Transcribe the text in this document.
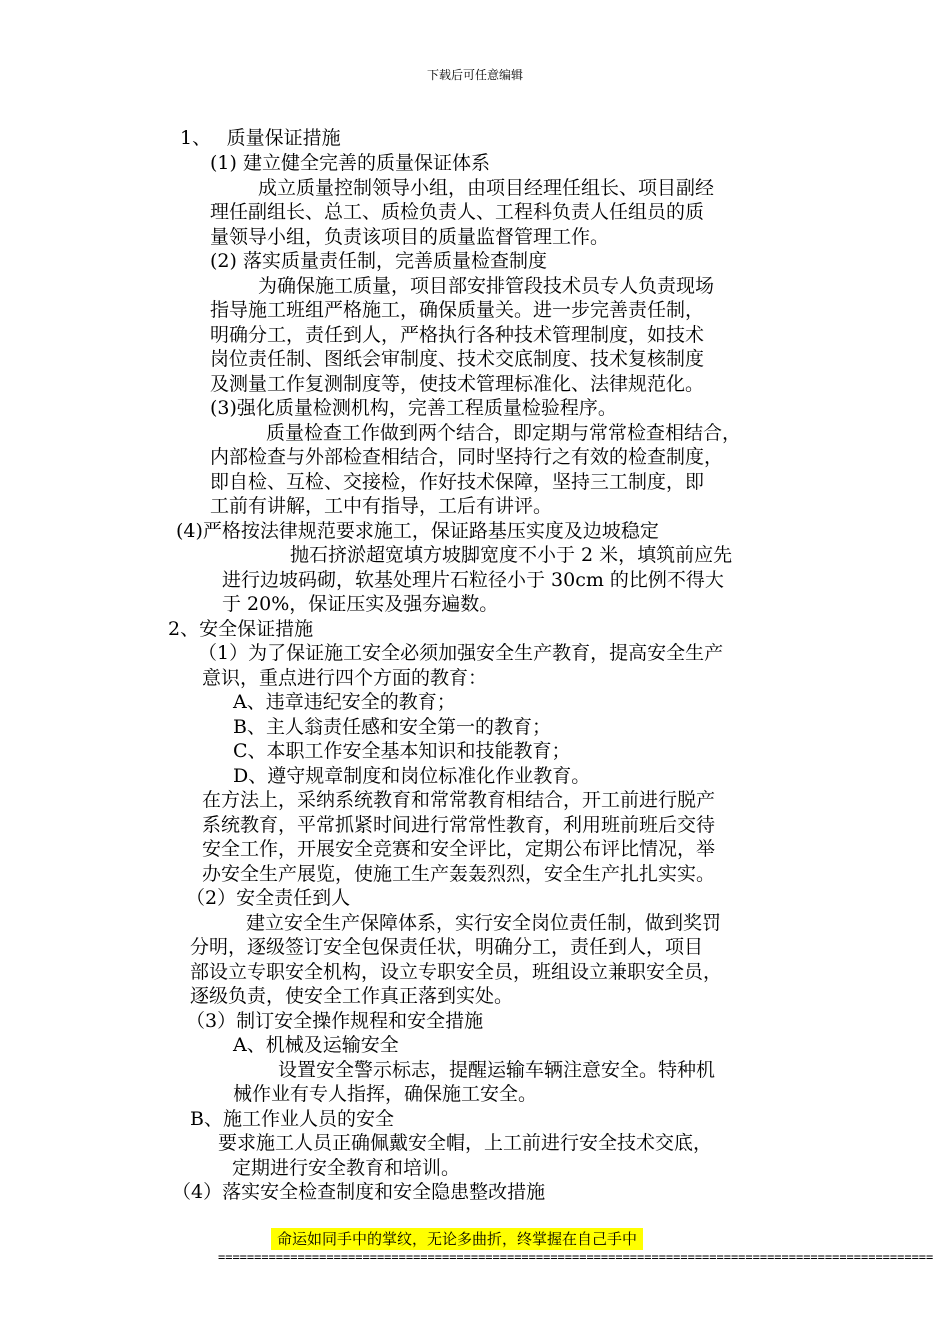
下载后可任意编辑
1、　 质量保证措施
(1) 建立健全完善的质量保证体系
成立质量控制领导小组，由项目经理任组长、项目副经
理任副组长、总工、质检负责人、工程科负责人任组员的质
量领导小组，负责该项目的质量监督管理工作。
(2) 落实质量责任制，完善质量检查制度
为确保施工质量，项目部安排管段技术员专人负责现场
指导施工班组严格施工，确保质量关。进一步完善责任制，
明确分工，责任到人，严格执行各种技术管理制度，如技术
岗位责任制、图纸会审制度、技术交底制度、技术复核制度
及测量工作复测制度等，使技术管理标准化、法律规范化。
(3)强化质量检测机构，完善工程质量检验程序。
质量检查工作做到两个结合，即定期与常常检查相结合，
内部检查与外部检查相结合，同时坚持行之有效的检查制度，
即自检、互检、交接检，作好技术保障，坚持三工制度，即
工前有讲解，工中有指导，工后有讲评。
(4)严格按法律规范要求施工，保证路基压实度及边坡稳定
抛石挤淤超宽填方坡脚宽度不小于 2 米，填筑前应先
进行边坡码砌，软基处理片石粒径小于 30cm 的比例不得大
于 20%，保证压实及强夯遍数。
2、安全保证措施
（1）为了保证施工安全必须加强安全生产教育，提高安全生产
意识，重点进行四个方面的教育：
A、违章违纪安全的教育；
B、主人翁责任感和安全第一的教育；
C、本职工作安全基本知识和技能教育；
D、遵守规章制度和岗位标准化作业教育。
在方法上，采纳系统教育和常常教育相结合，开工前进行脱产
系统教育，平常抓紧时间进行常常性教育，利用班前班后交待
安全工作，开展安全竞赛和安全评比，定期公布评比情况，举
办安全生产展览，使施工生产轰轰烈烈，安全生产扎扎实实。
（2）安全责任到人
建立安全生产保障体系，实行安全岗位责任制，做到奖罚
分明，逐级签订安全包保责任状，明确分工，责任到人，项目
部设立专职安全机构，设立专职安全员，班组设立兼职安全员，
逐级负责，使安全工作真正落到实处。
（3）制订安全操作规程和安全措施
A、机械及运输安全
设置安全警示标志，提醒运输车辆注意安全。特种机
械作业有专人指挥，确保施工安全。
B、施工作业人员的安全
要求施工人员正确佩戴安全帽，上工前进行安全技术交底，
定期进行安全教育和培训。
（4）落实安全检查制度和安全隐患整改措施
命运如同手中的掌纹，无论多曲折，终掌握在自己手中
===================================================================================================
